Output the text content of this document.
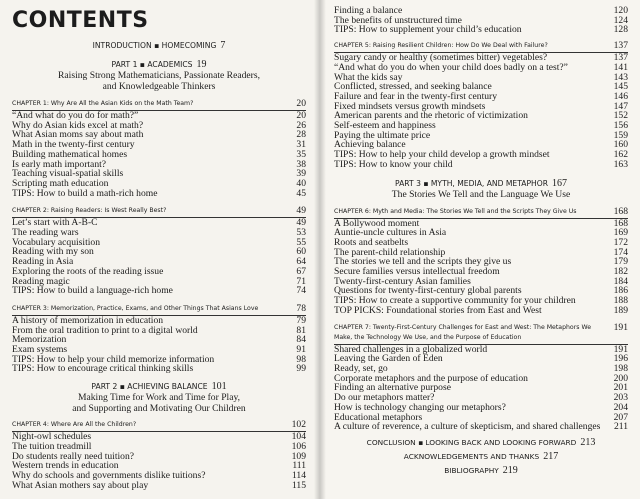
CONTENTS
INTRODUCTION ▪ HOMECOMING 7
PART 1 ▪ ACADEMICS 19
Raising Strong Mathematicians, Passionate Readers,
and Knowledgeable Thinkers
CHAPTER 1: Why Are All the Asian Kids on the Math Team?	20
“And what do you do for math?”	20
Why do Asian kids excel at math?	26
What Asian moms say about math	28
Math in the twenty-first century	31
Building mathematical homes	35
Is early math important?	38
Teaching visual-spatial skills	39
Scripting math education	40
TIPS: How to build a math-rich home	45
CHAPTER 2: Raising Readers: Is West Really Best?	49
Let’s start with A-B-C	49
The reading wars	53
Vocabulary acquisition	55
Reading with my son	60
Reading in Asia	64
Exploring the roots of the reading issue	67
Reading magic	71
TIPS: How to build a language-rich home	74
CHAPTER 3: Memorization, Practice, Exams, and Other Things That Asians Love	78
A history of memorization in education	79
From the oral tradition to print to a digital world	81
Memorization	84
Exam systems	91
TIPS: How to help your child memorize information	98
TIPS: How to encourage critical thinking skills	99
PART 2 ▪ ACHIEVING BALANCE 101
Making Time for Work and Time for Play,
and Supporting and Motivating Our Children
CHAPTER 4: Where Are All the Children?	102
Night-owl schedules	104
The tuition treadmill	106
Do students really need tuition?	109
Western trends in education	111
Why do schools and governments dislike tuitions?	114
What Asian mothers say about play	115
Finding a balance	120
The benefits of unstructured time	124
TIPS: How to supplement your child’s education	128
CHAPTER 5: Raising Resilient Children: How Do We Deal with Failure?	137
Sugary candy or healthy (sometimes bitter) vegetables?	137
“And what do you do when your child does badly on a test?”	141
What the kids say	143
Conflicted, stressed, and seeking balance	145
Failure and fear in the twenty-first century	146
Fixed mindsets versus growth mindsets	147
American parents and the rhetoric of victimization	152
Self-esteem and happiness	156
Paying the ultimate price	159
Achieving balance	160
TIPS: How to help your child develop a growth mindset	162
TIPS: How to know your child	163
PART 3 ▪ MYTH, MEDIA, AND METAPHOR 167
The Stories We Tell and the Language We Use
CHAPTER 6: Myth and Media: The Stories We Tell and the Scripts They Give Us	168
A Bollywood moment	168
Auntie-uncle cultures in Asia	169
Roots and seatbelts	172
The parent-child relationship	174
The stories we tell and the scripts they give us	179
Secure families versus intellectual freedom	182
Twenty-first-century Asian families	184
Questions for twenty-first-century global parents	186
TIPS: How to create a supportive community for your children	188
TOP PICKS: Foundational stories from East and West	189
CHAPTER 7: Twenty-First-Century Challenges for East and West: The Metaphors We Make, the Technology We Use, and the Purpose of Education
191
Shared challenges in a globalized world	191
Leaving the Garden of Eden	196
Ready, set, go	198
Corporate metaphors and the purpose of education	200
Finding an alternative purpose	201
Do our metaphors matter?	203
How is technology changing our metaphors?	204
Educational metaphors	207
A culture of reverence, a culture of skepticism, and shared challenges 211
CONCLUSION ▪ LOOKING BACK AND LOOKING FORWARD 213
ACKNOWLEDGEMENTS AND THANKS 217
BIBLIOGRAPHY 219
